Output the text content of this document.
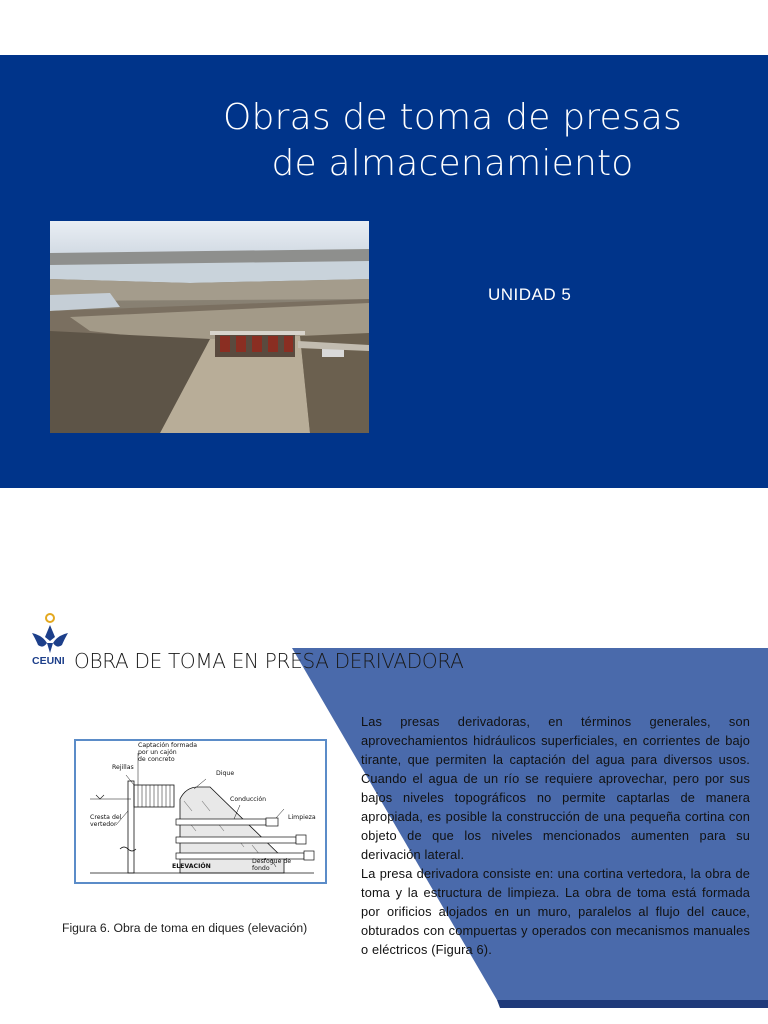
Obras de toma de presas
de almacenamiento
UNIDAD 5
CEUNI OBRA DE TOMA EN PRESA DERIVADORA
Captación formada
por un cajón
de concreto
Rejillas
Dique
Conducción
Cresta del
vertedor
Limpieza
ELEVACIÓN
Desfogue de
fondo
Figura 6. Obra de toma en diques (elevación)

Las presas derivadoras, en términos generales, son aprovechamientos hidráulicos superficiales, en corrientes de bajo tirante, que permiten la captación del agua para diversos usos. Cuando el agua de un río se requiere aprovechar, pero por sus bajos niveles topográficos no permite captarlas de manera apropiada, es posible la construcción de una pequeña cortina con objeto de que los niveles mencionados aumenten para su derivación lateral.

La presa derivadora consiste en: una cortina vertedora, la obra de toma y la estructura de limpieza. La obra de toma está formada por orificios alojados en un muro, paralelos al flujo del cauce, obturados con compuertas y operados con mecanismos manuales o eléctricos (Figura 6).
